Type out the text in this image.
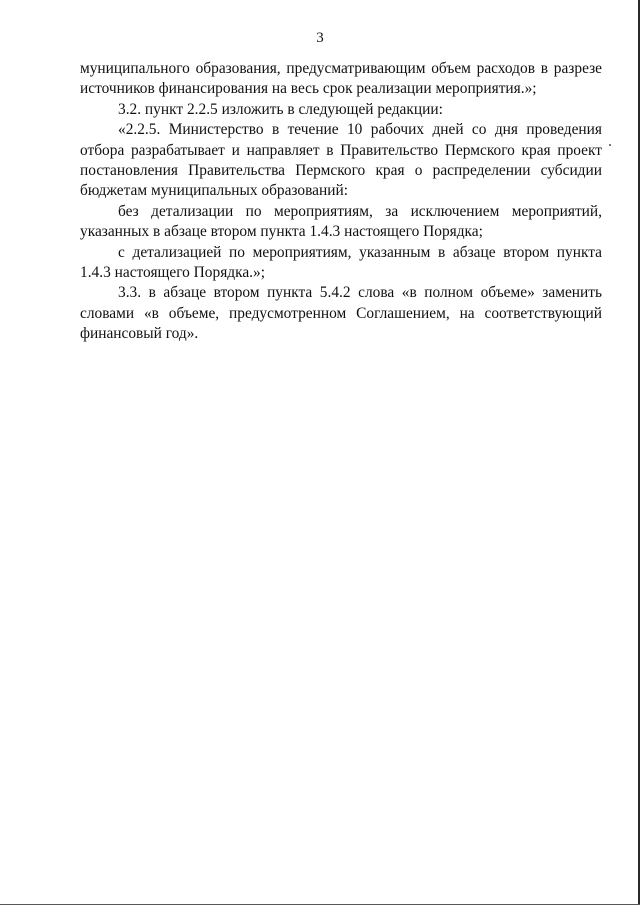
3

муниципального образования, предусматривающим объем расходов в разрезе источников финансирования на весь срок реализации мероприятия.»;

3.2. пункт 2.2.5 изложить в следующей редакции:

«2.2.5. Министерство в течение 10 рабочих дней со дня проведения отбора разрабатывает и направляет в Правительство Пермского края проект постановления Правительства Пермского края о распределении субсидии бюджетам муниципальных образований:

без детализации по мероприятиям, за исключением мероприятий, указанных в абзаце втором пункта 1.4.3 настоящего Порядка;

с детализацией по мероприятиям, указанным в абзаце втором пункта 1.4.3 настоящего Порядка.»;

3.3. в абзаце втором пункта 5.4.2 слова «в полном объеме» заменить словами «в объеме, предусмотренном Соглашением, на соответствующий финансовый год».
